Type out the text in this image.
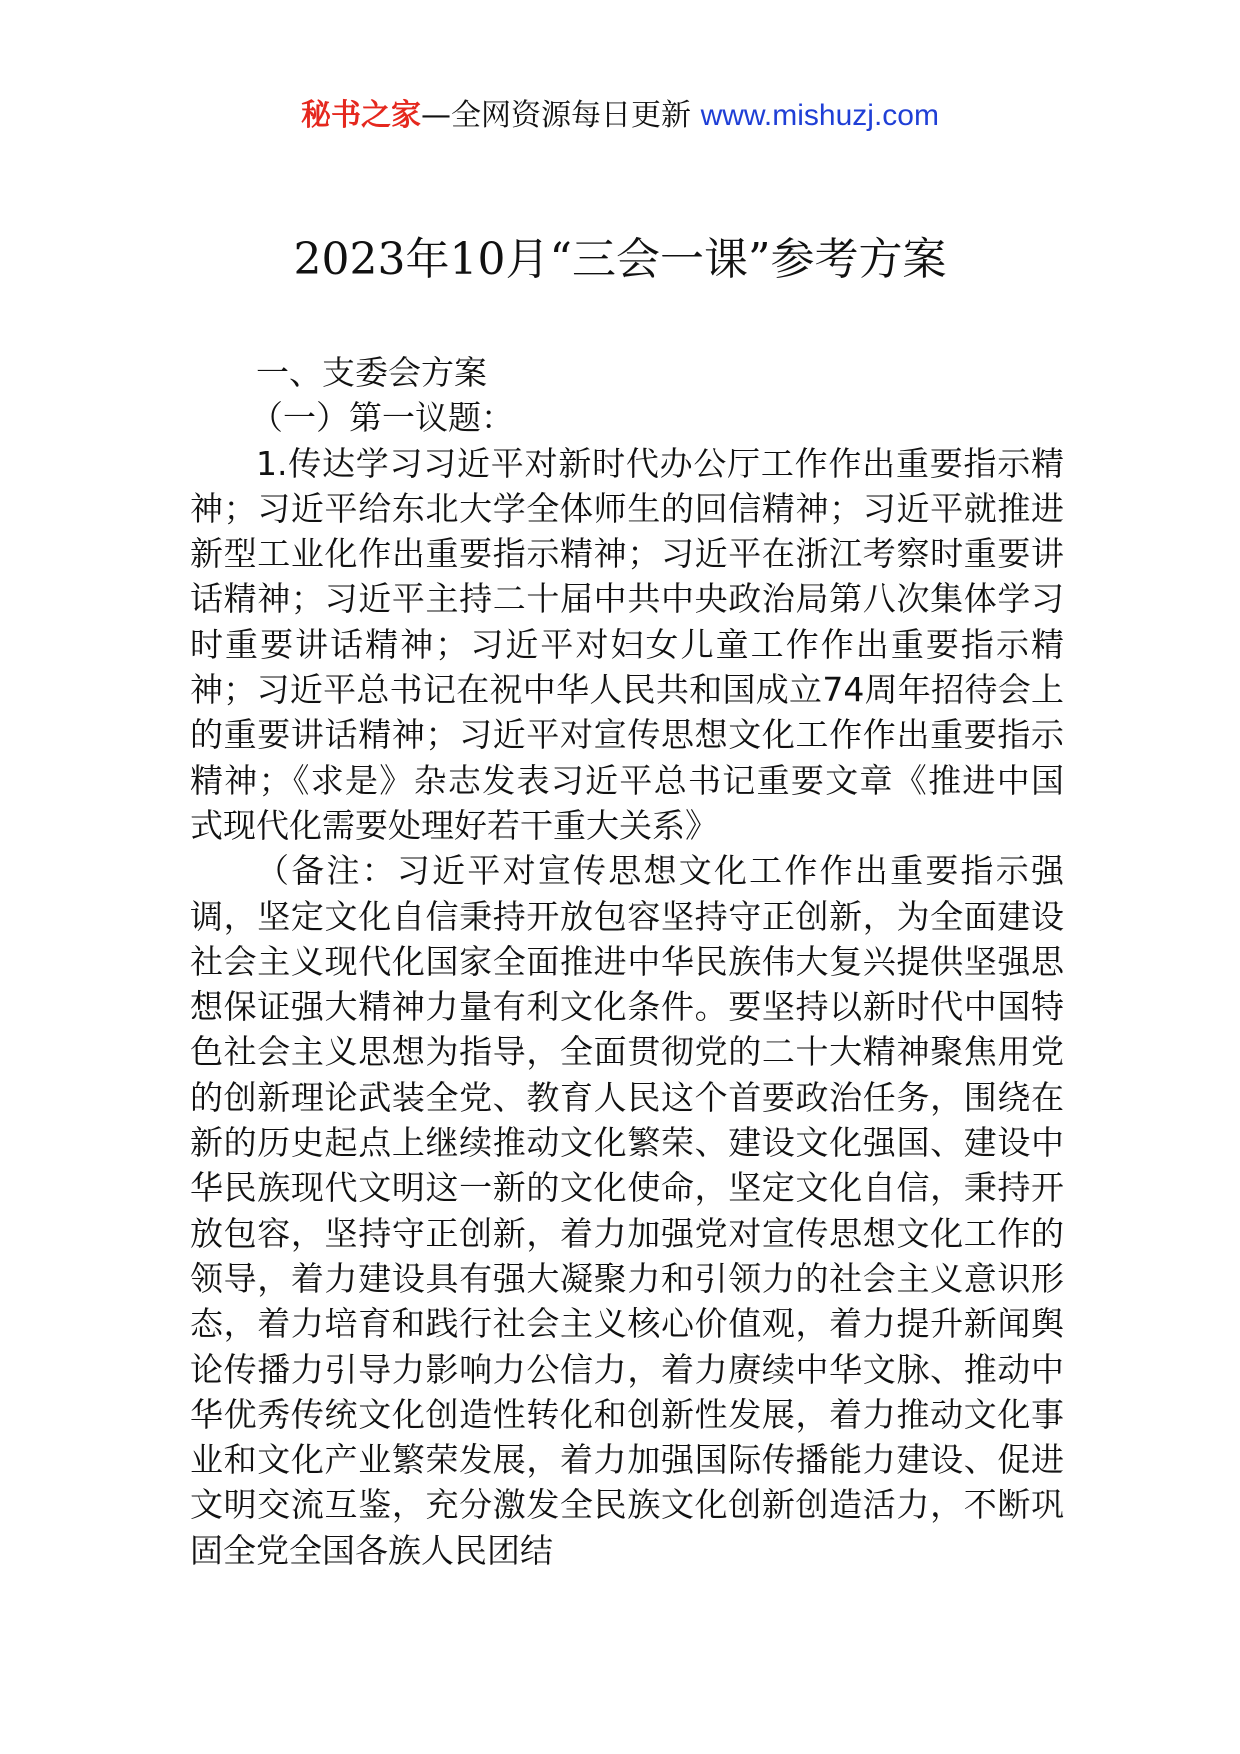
秘书之家—全网资源每日更新 www.mishuzj.com
2023年10月“三会一课”参考方案

一、支委会方案

（一）第一议题：

1.传达学习习近平对新时代办公厅工作作出重要指示精神；习近平给东北大学全体师生的回信精神；习近平就推进新型工业化作出重要指示精神；习近平在浙江考察时重要讲话精神；习近平主持二十届中共中央政治局第八次集体学习时重要讲话精神；习近平对妇女儿童工作作出重要指示精神；习近平总书记在祝中华人民共和国成立74周年招待会上的重要讲话精神；习近平对宣传思想文化工作作出重要指示精神；《求是》杂志发表习近平总书记重要文章《推进中国式现代化需要处理好若干重大关系》

（备注：习近平对宣传思想文化工作作出重要指示强调，坚定文化自信秉持开放包容坚持守正创新，为全面建设社会主义现代化国家全面推进中华民族伟大复兴提供坚强思想保证强大精神力量有利文化条件。要坚持以新时代中国特色社会主义思想为指导，全面贯彻党的二十大精神聚焦用党的创新理论武装全党、教育人民这个首要政治任务，围绕在新的历史起点上继续推动文化繁荣、建设文化强国、建设中华民族现代文明这一新的文化使命，坚定文化自信，秉持开放包容，坚持守正创新，着力加强党对宣传思想文化工作的领导，着力建设具有强大凝聚力和引领力的社会主义意识形态，着力培育和践行社会主义核心价值观，着力提升新闻舆论传播力引导力影响力公信力，着力赓续中华文脉、推动中华优秀传统文化创造性转化和创新性发展，着力推动文化事业和文化产业繁荣发展，着力加强国际传播能力建设、促进文明交流互鉴，充分激发全民族文化创新创造活力，不断巩固全党全国各族人民团结
